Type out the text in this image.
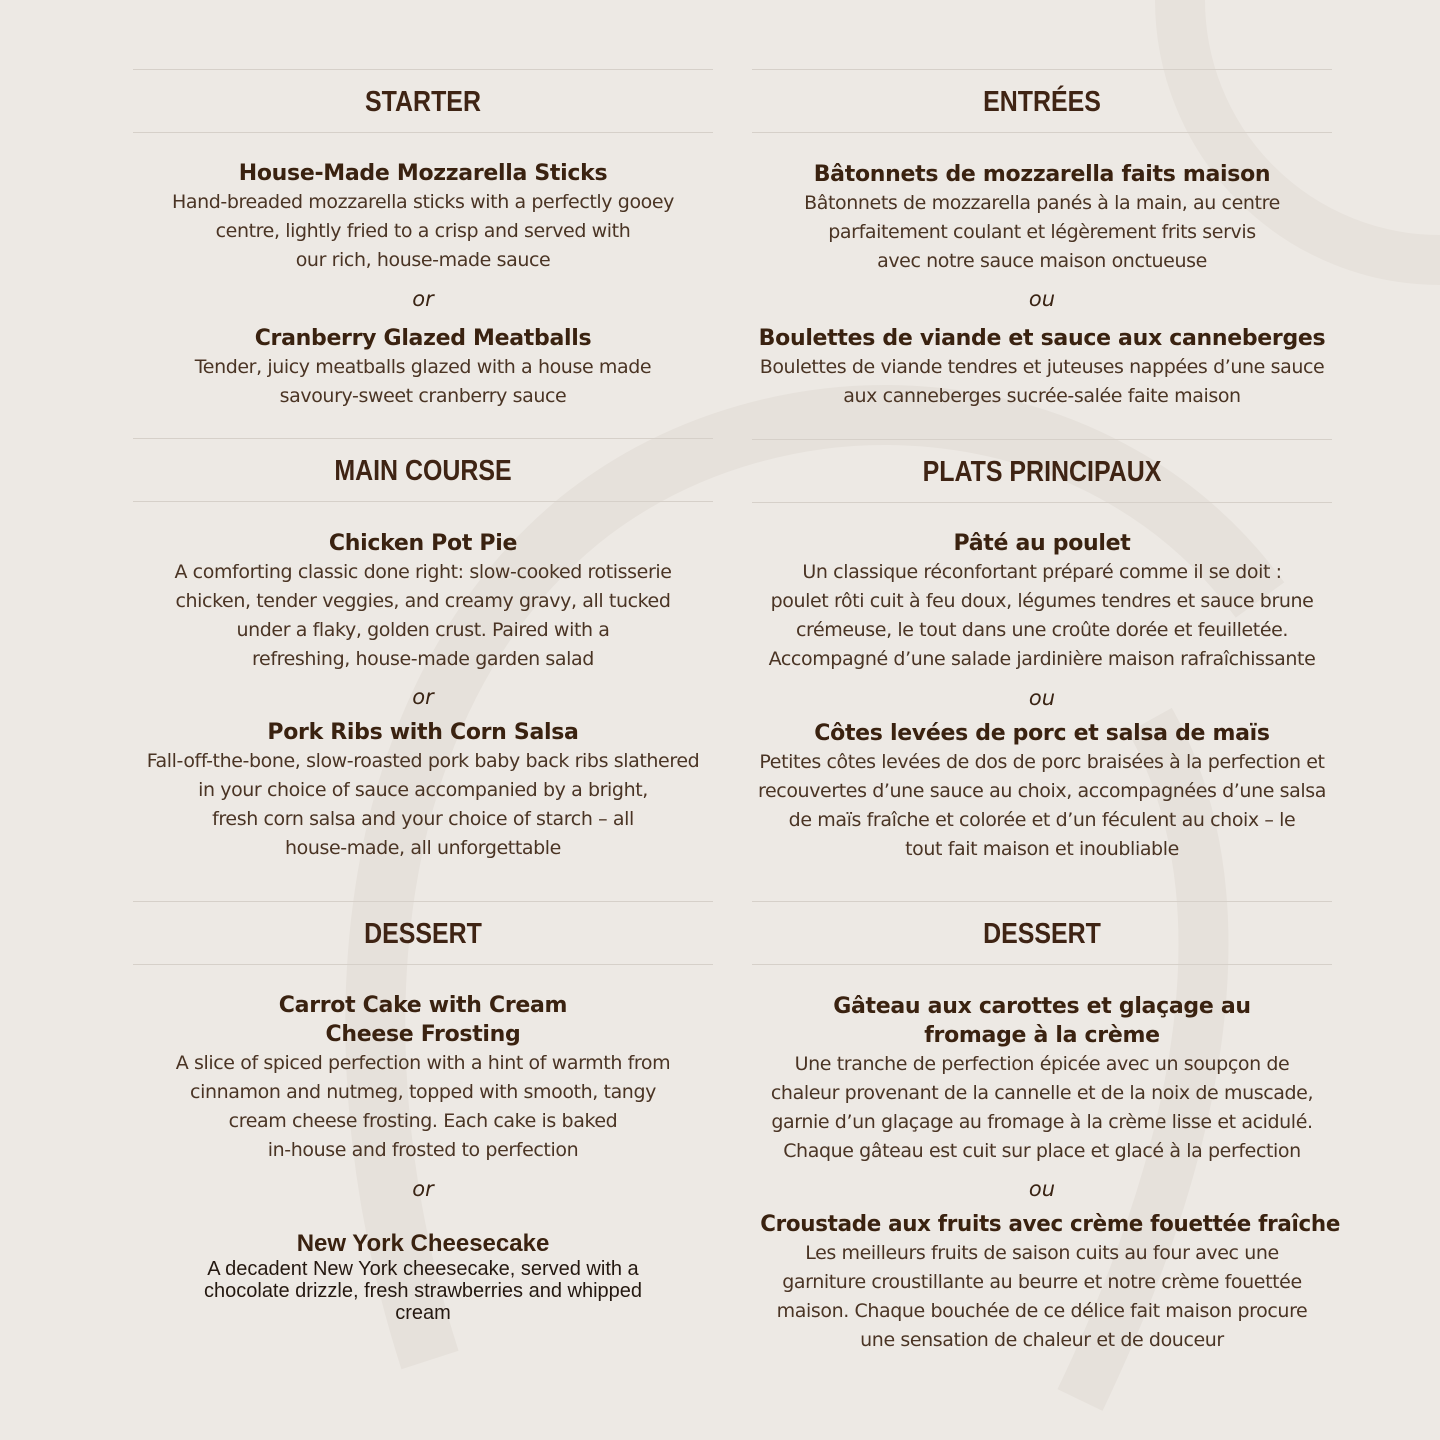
STARTER
House-Made Mozzarella Sticks
Hand-breaded mozzarella sticks with a perfectly gooey
centre, lightly fried to a crisp and served with
our rich, house-made sauce
or
Cranberry Glazed Meatballs
Tender, juicy meatballs glazed with a house made
savoury-sweet cranberry sauce
MAIN COURSE
Chicken Pot Pie
A comforting classic done right: slow-cooked rotisserie
chicken, tender veggies, and creamy gravy, all tucked
under a flaky, golden crust. Paired with a
refreshing, house-made garden salad
or
Pork Ribs with Corn Salsa
Fall-off-the-bone, slow-roasted pork baby back ribs slathered
in your choice of sauce accompanied by a bright,
fresh corn salsa and your choice of starch – all
house-made, all unforgettable
DESSERT
Carrot Cake with Cream
Cheese Frosting
A slice of spiced perfection with a hint of warmth from
cinnamon and nutmeg, topped with smooth, tangy
cream cheese frosting. Each cake is baked
in-house and frosted to perfection
or
New York Cheesecake
A decadent New York cheesecake, served with a
chocolate drizzle, fresh strawberries and whipped
cream
ENTRÉES
Bâtonnets de mozzarella faits maison
Bâtonnets de mozzarella panés à la main, au centre
parfaitement coulant et légèrement frits servis
avec notre sauce maison onctueuse
ou
Boulettes de viande et sauce aux canneberges
Boulettes de viande tendres et juteuses nappées d’une sauce
aux canneberges sucrée-salée faite maison
PLATS PRINCIPAUX
Pâté au poulet
Un classique réconfortant préparé comme il se doit :
poulet rôti cuit à feu doux, légumes tendres et sauce brune
crémeuse, le tout dans une croûte dorée et feuilletée.
Accompagné d’une salade jardinière maison rafraîchissante
ou
Côtes levées de porc et salsa de maïs
Petites côtes levées de dos de porc braisées à la perfection et
recouvertes d’une sauce au choix, accompagnées d’une salsa
de maïs fraîche et colorée et d’un féculent au choix – le
tout fait maison et inoubliable
DESSERT
Gâteau aux carottes et glaçage au
fromage à la crème
Une tranche de perfection épicée avec un soupçon de
chaleur provenant de la cannelle et de la noix de muscade,
garnie d’un glaçage au fromage à la crème lisse et acidulé.
Chaque gâteau est cuit sur place et glacé à la perfection
ou
Croustade aux fruits avec crème fouettée fraîche
Les meilleurs fruits de saison cuits au four avec une
garniture croustillante au beurre et notre crème fouettée
maison. Chaque bouchée de ce délice fait maison procure
une sensation de chaleur et de douceur
